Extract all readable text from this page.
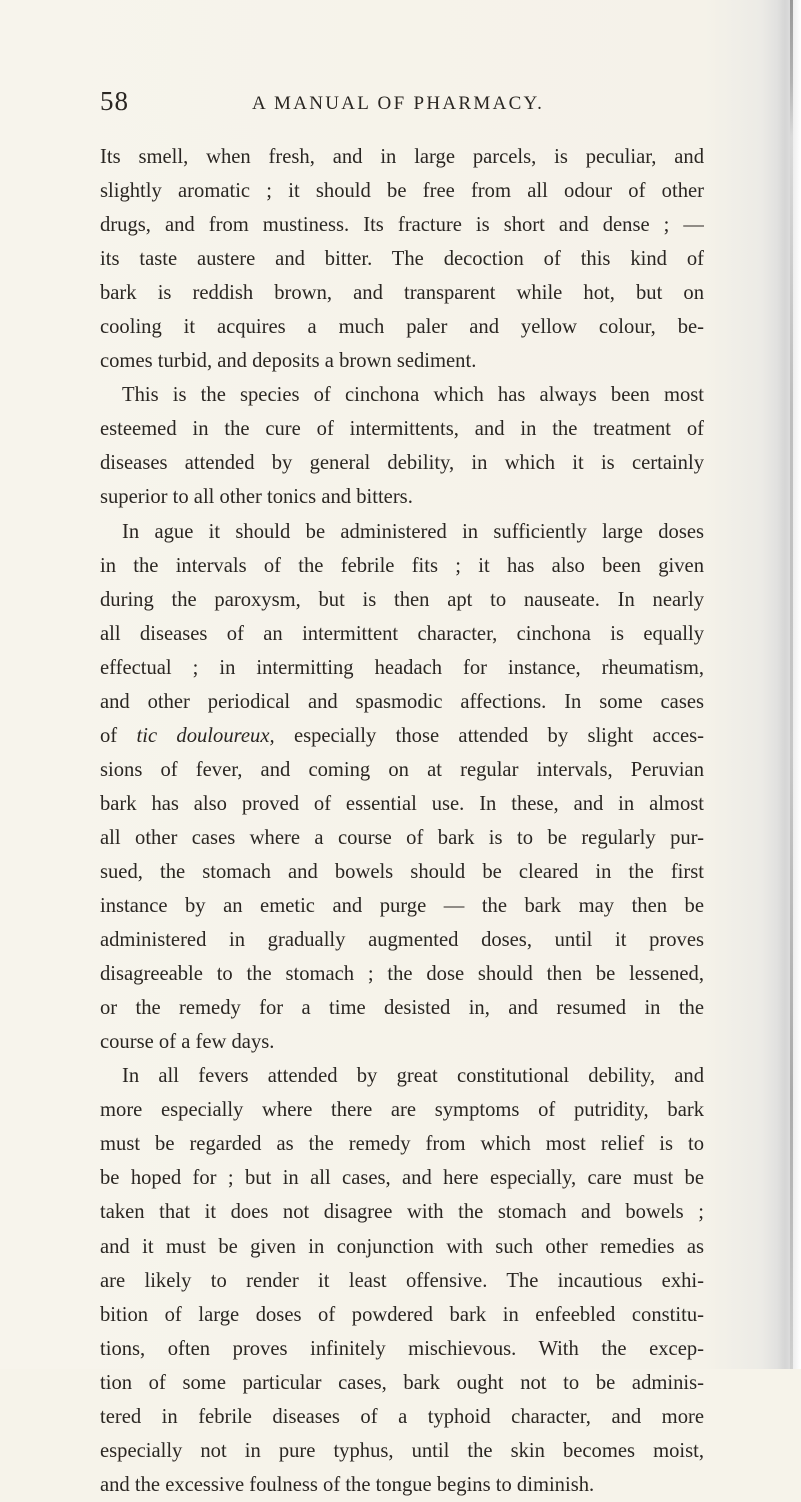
58	A MANUAL OF PHARMACY.
Its smell, when fresh, and in large parcels, is peculiar, and
slightly aromatic ; it should be free from all odour of other
drugs, and from mustiness. Its fracture is short and dense ; —
its taste austere and bitter. The decoction of this kind of
bark is reddish brown, and transparent while hot, but on
cooling it acquires a much paler and yellow colour, be-
comes turbid, and deposits a brown sediment.
This is the species of cinchona which has always been most
esteemed in the cure of intermittents, and in the treatment of
diseases attended by general debility, in which it is certainly
superior to all other tonics and bitters.
In ague it should be administered in sufficiently large doses
in the intervals of the febrile fits ; it has also been given
during the paroxysm, but is then apt to nauseate. In nearly
all diseases of an intermittent character, cinchona is equally
effectual ; in intermitting headach for instance, rheumatism,
and other periodical and spasmodic affections. In some cases
of tic douloureux, especially those attended by slight acces-
sions of fever, and coming on at regular intervals, Peruvian
bark has also proved of essential use. In these, and in almost
all other cases where a course of bark is to be regularly pur-
sued, the stomach and bowels should be cleared in the first
instance by an emetic and purge — the bark may then be
administered in gradually augmented doses, until it proves
disagreeable to the stomach ; the dose should then be lessened,
or the remedy for a time desisted in, and resumed in the
course of a few days.
In all fevers attended by great constitutional debility, and
more especially where there are symptoms of putridity, bark
must be regarded as the remedy from which most relief is to
be hoped for ; but in all cases, and here especially, care must be
taken that it does not disagree with the stomach and bowels ;
and it must be given in conjunction with such other remedies as
are likely to render it least offensive. The incautious exhi-
bition of large doses of powdered bark in enfeebled constitu-
tions, often proves infinitely mischievous. With the excep-
tion of some particular cases, bark ought not to be adminis-
tered in febrile diseases of a typhoid character, and more
especially not in pure typhus, until the skin becomes moist,
and the excessive foulness of the tongue begins to diminish.
